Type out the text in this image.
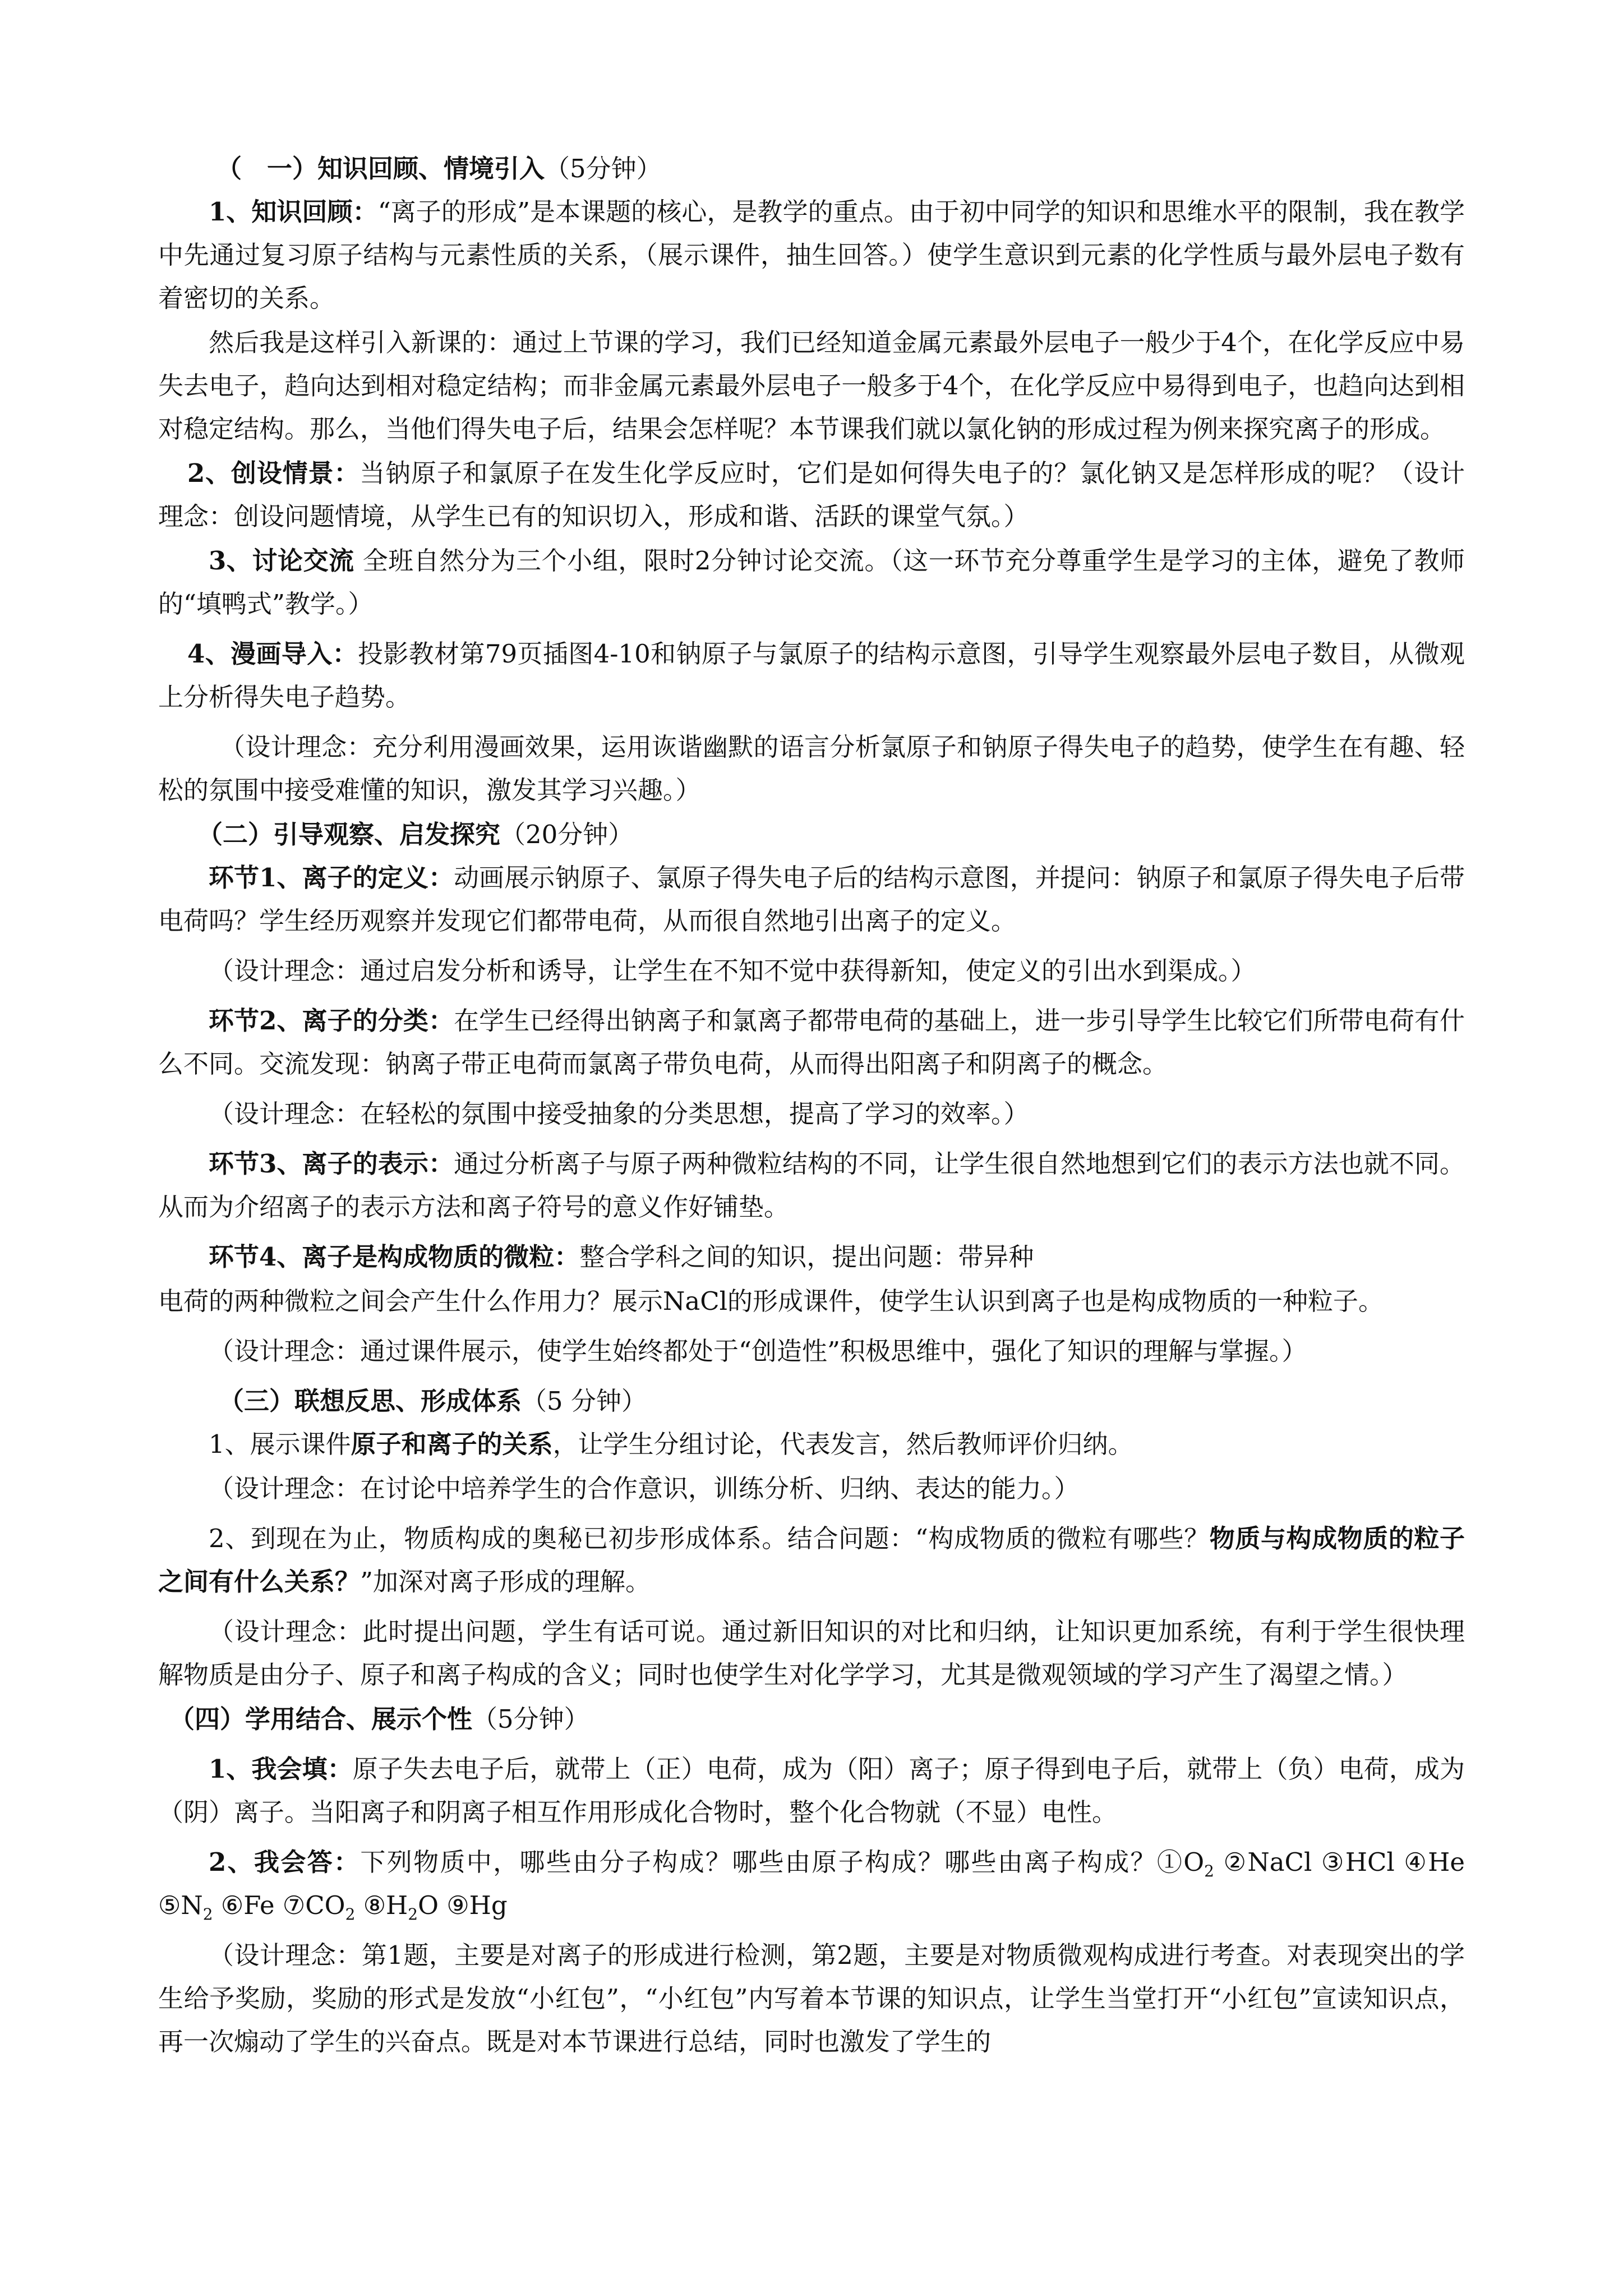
（　一）知识回顾、情境引入（5分钟）

1、知识回顾：“离子的形成”是本课题的核心，是教学的重点。由于初中同学的知识和思维水平的限制，我在教学中先通过复习原子结构与元素性质的关系，（展示课件，抽生回答。）使学生意识到元素的化学性质与最外层电子数有着密切的关系。

然后我是这样引入新课的：通过上节课的学习，我们已经知道金属元素最外层电子一般少于4个，在化学反应中易失去电子，趋向达到相对稳定结构；而非金属元素最外层电子一般多于4个，在化学反应中易得到电子，也趋向达到相对稳定结构。那么，当他们得失电子后，结果会怎样呢？本节课我们就以氯化钠的形成过程为例来探究离子的形成。

2、创设情景：当钠原子和氯原子在发生化学反应时，它们是如何得失电子的？氯化钠又是怎样形成的呢？（设计理念：创设问题情境，从学生已有的知识切入，形成和谐、活跃的课堂气氛。）

3、讨论交流 全班自然分为三个小组，限时2分钟讨论交流。（这一环节充分尊重学生是学习的主体，避免了教师的“填鸭式”教学。）

4、漫画导入：投影教材第79页插图4-10和钠原子与氯原子的结构示意图，引导学生观察最外层电子数目，从微观上分析得失电子趋势。

（设计理念：充分利用漫画效果，运用诙谐幽默的语言分析氯原子和钠原子得失电子的趋势，使学生在有趣、轻松的氛围中接受难懂的知识，激发其学习兴趣。）

（二）引导观察、启发探究（20分钟）

环节1、离子的定义：动画展示钠原子、氯原子得失电子后的结构示意图，并提问：钠原子和氯原子得失电子后带电荷吗？学生经历观察并发现它们都带电荷，从而很自然地引出离子的定义。

（设计理念：通过启发分析和诱导，让学生在不知不觉中获得新知，使定义的引出水到渠成。）

环节2、离子的分类：在学生已经得出钠离子和氯离子都带电荷的基础上，进一步引导学生比较它们所带电荷有什么不同。交流发现：钠离子带正电荷而氯离子带负电荷，从而得出阳离子和阴离子的概念。

（设计理念：在轻松的氛围中接受抽象的分类思想，提高了学习的效率。）

环节3、离子的表示：通过分析离子与原子两种微粒结构的不同，让学生很自然地想到它们的表示方法也就不同。从而为介绍离子的表示方法和离子符号的意义作好铺垫。

环节4、离子是构成物质的微粒：整合学科之间的知识，提出问题：带异种

电荷的两种微粒之间会产生什么作用力？展示NaCl的形成课件，使学生认识到离子也是构成物质的一种粒子。

（设计理念：通过课件展示，使学生始终都处于“创造性”积极思维中，强化了知识的理解与掌握。）

（三）联想反思、形成体系（5 分钟）

1、展示课件原子和离子的关系，让学生分组讨论，代表发言，然后教师评价归纳。

（设计理念：在讨论中培养学生的合作意识，训练分析、归纳、表达的能力。）

2、到现在为止，物质构成的奥秘已初步形成体系。结合问题：“构成物质的微粒有哪些？物质与构成物质的粒子之间有什么关系？”加深对离子形成的理解。

（设计理念：此时提出问题，学生有话可说。通过新旧知识的对比和归纳，让知识更加系统，有利于学生很快理解物质是由分子、原子和离子构成的含义；同时也使学生对化学学习，尤其是微观领域的学习产生了渴望之情。）

（四）学用结合、展示个性（5分钟）

1、我会填：原子失去电子后，就带上（正）电荷，成为（阳）离子；原子得到电子后，就带上（负）电荷，成为（阴）离子。当阳离子和阴离子相互作用形成化合物时，整个化合物就（不显）电性。

2、我会答：下列物质中，哪些由分子构成？哪些由原子构成？哪些由离子构成？$①O_2$ ②NaCl ③HCl ④He $⑤N_2$ ⑥Fe $⑦CO_2$ $⑧H_2O$ ⑨Hg

（设计理念：第1题，主要是对离子的形成进行检测，第2题，主要是对物质微观构成进行考查。对表现突出的学生给予奖励，奖励的形式是发放“小红包”，“小红包”内写着本节课的知识点，让学生当堂打开“小红包”宣读知识点，再一次煽动了学生的兴奋点。既是对本节课进行总结，同时也激发了学生的
